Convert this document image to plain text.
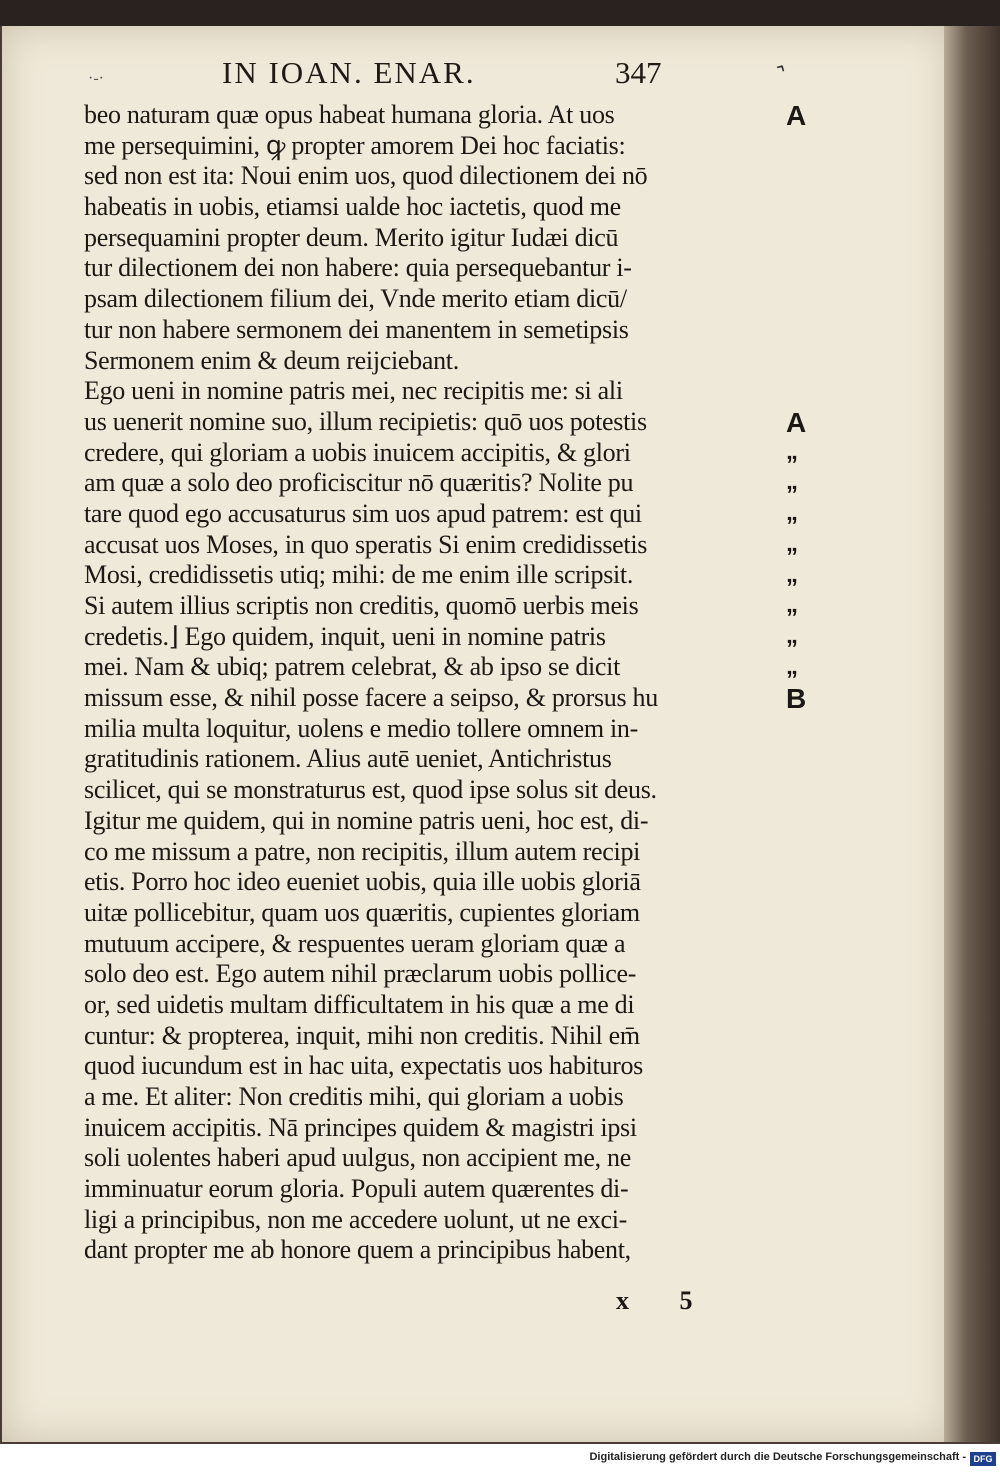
·‑·	IN IOAN. ENAR.	347	⌃
beo naturam quæ opus habeat humana gloria. At uos
me persequimini, ꝙ propter amorem Dei hoc faciatis:
sed non est ita: Noui enim uos, quod dilectionem dei nō
habeatis in uobis, etiamsi ualde hoc iactetis, quod me
persequamini propter deum. Merito igitur Iudæi dicū
tur dilectionem dei non habere: quia persequebantur i-
psam dilectionem filium dei, Vnde merito etiam dicū/
tur non habere sermonem dei manentem in semetipsis
Sermonem enim & deum reijciebant.
Ego ueni in nomine patris mei, nec recipitis me: si ali
us uenerit nomine suo, illum recipietis: quō uos potestis
credere, qui gloriam a uobis inuicem accipitis, & glori
am quæ a solo deo proficiscitur nō quæritis? Nolite pu
tare quod ego accusaturus sim uos apud patrem: est qui
accusat uos Moses, in quo speratis Si enim credidissetis
Mosi, credidissetis utiq; mihi: de me enim ille scripsit.
Si autem illius scriptis non creditis, quomō uerbis meis
credetis.⌋ Ego quidem, inquit, ueni in nomine patris
mei. Nam & ubiq; patrem celebrat, & ab ipso se dicit
missum esse, & nihil posse facere a seipso, & prorsus hu
milia multa loquitur, uolens e medio tollere omnem in-
gratitudinis rationem. Alius autē ueniet, Antichristus
scilicet, qui se monstraturus est, quod ipse solus sit deus.
Igitur me quidem, qui in nomine patris ueni, hoc est, di-
co me missum a patre, non recipitis, illum autem recipi
etis. Porro hoc ideo eueniet uobis, quia ille uobis gloriā
uitæ pollicebitur, quam uos quæritis, cupientes gloriam
mutuum accipere, & respuentes ueram gloriam quæ a
solo deo est. Ego autem nihil præclarum uobis pollice-
or, sed uidetis multam difficultatem in his quæ a me di
cuntur: & propterea, inquit, mihi non creditis. Nihil em̄
quod iucundum est in hac uita, expectatis uos habituros
a me. Et aliter: Non creditis mihi, qui gloriam a uobis
inuicem accipitis. Nā principes quidem & magistri ipsi
soli uolentes haberi apud uulgus, non accipient me, ne
imminuatur eorum gloria. Populi autem quærentes di-
ligi a principibus, non me accedere uolunt, ut ne exci-
dant propter me ab honore quem a principibus habent,
A
A
„
„
„
„
„
„
„
„
B
x 5
Digitalisierung gefördert durch die Deutsche Forschungsgemeinschaft - DFG
